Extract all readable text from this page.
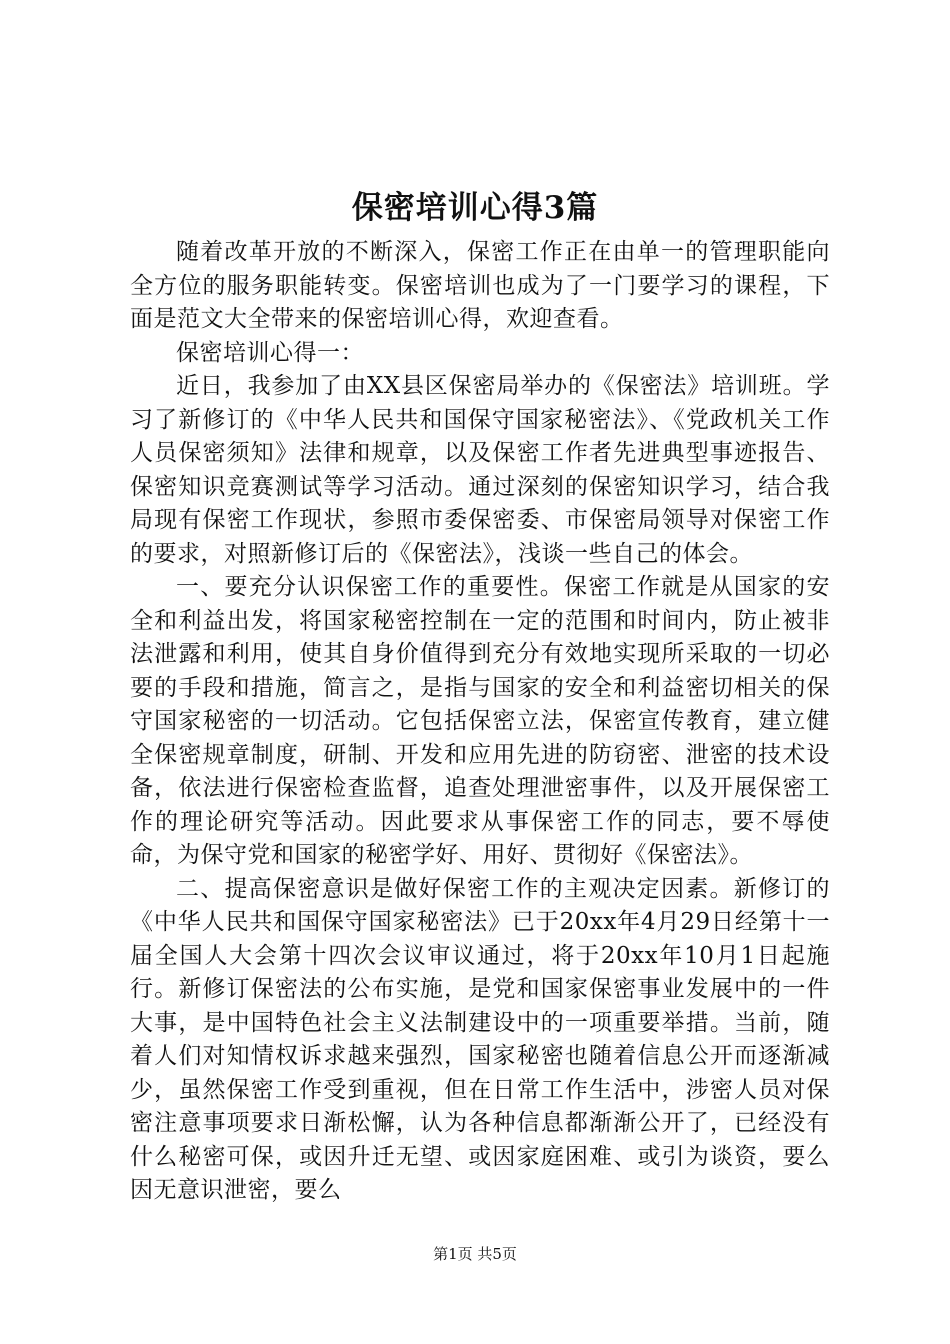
保密培训心得3篇

随着改革开放的不断深入，保密工作正在由单一的管理职能向全方位的服务职能转变。保密培训也成为了一门要学习的课程，下面是范文大全带来的保密培训心得，欢迎查看。

保密培训心得一：

近日，我参加了由XX县区保密局举办的《保密法》培训班。学习了新修订的《中华人民共和国保守国家秘密法》、《党政机关工作人员保密须知》法律和规章，以及保密工作者先进典型事迹报告、保密知识竞赛测试等学习活动。通过深刻的保密知识学习，结合我局现有保密工作现状，参照市委保密委、市保密局领导对保密工作的要求，对照新修订后的《保密法》，浅谈一些自己的体会。

一、要充分认识保密工作的重要性。保密工作就是从国家的安全和利益出发，将国家秘密控制在一定的范围和时间内，防止被非法泄露和利用，使其自身价值得到充分有效地实现所采取的一切必要的手段和措施，简言之，是指与国家的安全和利益密切相关的保守国家秘密的一切活动。它包括保密立法，保密宣传教育，建立健全保密规章制度，研制、开发和应用先进的防窃密、泄密的技术设备，依法进行保密检查监督，追查处理泄密事件，以及开展保密工作的理论研究等活动。因此要求从事保密工作的同志，要不辱使命，为保守党和国家的秘密学好、用好、贯彻好《保密法》。

二、提高保密意识是做好保密工作的主观决定因素。新修订的《中华人民共和国保守国家秘密法》已于20xx年4月29日经第十一届全国人大会第十四次会议审议通过，将于20xx年10月1日起施行。新修订保密法的公布实施，是党和国家保密事业发展中的一件大事，是中国特色社会主义法制建设中的一项重要举措。当前，随着人们对知情权诉求越来强烈，国家秘密也随着信息公开而逐渐减少，虽然保密工作受到重视，但在日常工作生活中，涉密人员对保密注意事项要求日渐松懈，认为各种信息都渐渐公开了，已经没有什么秘密可保，或因升迁无望、或因家庭困难、或引为谈资，要么因无意识泄密，要么

第1页 共5页
